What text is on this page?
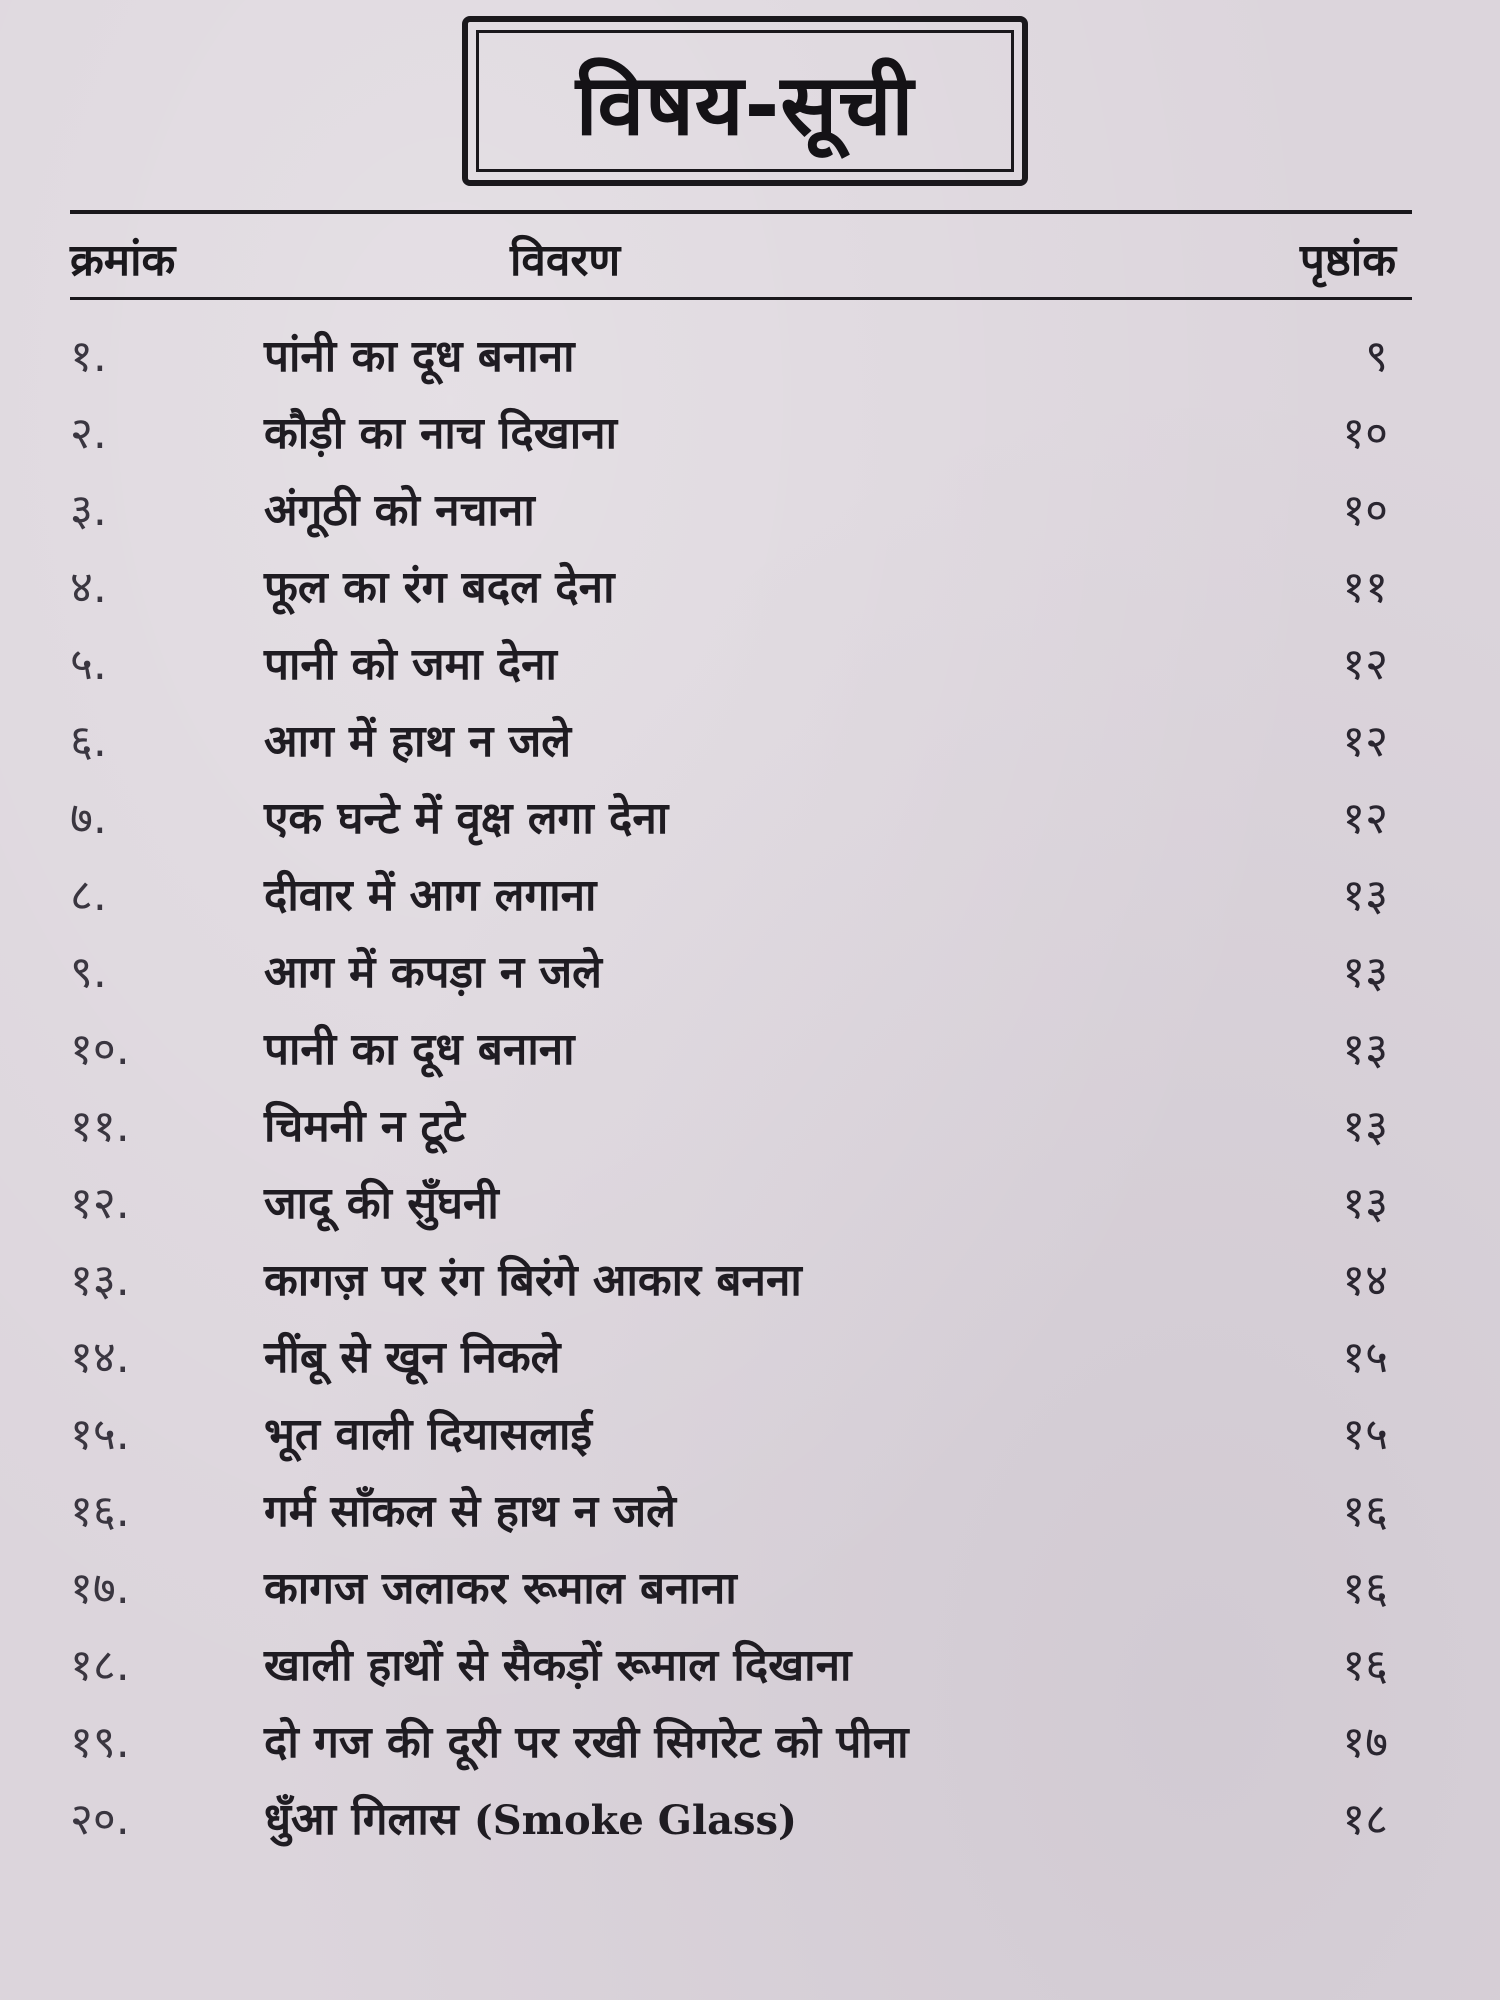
विषय-सूची
क्रमांक	विवरण	पृष्ठांक
१.	पांनी का दूध बनाना	९
२.	कौड़ी का नाच दिखाना	१०
३.	अंगूठी को नचाना	१०
४.	फूल का रंग बदल देना	११
५.	पानी को जमा देना	१२
६.	आग में हाथ न जले	१२
७.	एक घन्टे में वृक्ष लगा देना	१२
८.	दीवार में आग लगाना	१३
९.	आग में कपड़ा न जले	१३
१०.	पानी का दूध बनाना	१३
११.	चिमनी न टूटे	१३
१२.	जादू की सुँघनी	१३
१३.	कागज़ पर रंग बिरंगे आकार बनना	१४
१४.	नींबू से खून निकले	१५
१५.	भूत वाली दियासलाई	१५
१६.	गर्म साँकल से हाथ न जले	१६
१७.	कागज जलाकर रूमाल बनाना	१६
१८.	खाली हाथों से सैकड़ों रूमाल दिखाना	१६
१९.	दो गज की दूरी पर रखी सिगरेट को पीना	१७
२०.	धुँआ गिलास (Smoke Glass)	१८
